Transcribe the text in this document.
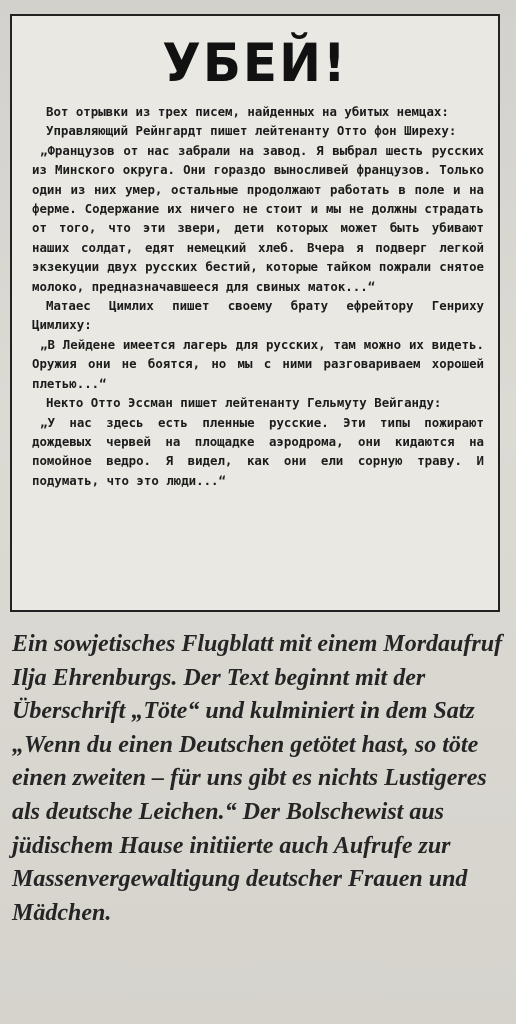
УБЕЙ!

Вот отрывки из трех писем, найденных на убитых немцах:

Управляющий Рейнгардт пишет лейтенанту Отто фон Ширеху:

„Французов от нас забрали на завод. Я выбрал шесть русских из Минского округа. Они гораздо выносливей французов. Только один из них умер, остальные продолжают работать в поле и на ферме. Содержание их ничего не стоит и мы не должны страдать от того, что эти звери, дети которых может быть убивают наших солдат, едят немецкий хлеб. Вчера я подверг легкой экзекуции двух русских бестий, которые тайком пожрали снятое молоко, предназначавшееся для свиных маток...“

Матаес Цимлих пишет своему брату ефрейтору Генриху Цимлиху:

„В Лейдене имеется лагерь для русских, там можно их видеть. Оружия они не боятся, но мы с ними разговариваем хорошей плетью...“

Некто Отто Эссман пишет лейтенанту Гельмуту Вейганду:

„У нас здесь есть пленные русские. Эти типы пожирают дождевых червей на площадке аэродрома, они кидаются на помойное ведро. Я видел, как они ели сорную траву. И подумать, что это люди...“

Ein sowjetisches Flugblatt mit einem Mordaufruf Ilja Ehrenburgs. Der Text beginnt mit der Überschrift „Töte“ und kulminiert in dem Satz „Wenn du einen Deutschen getötet hast, so töte einen zweiten – für uns gibt es nichts Lustigeres als deutsche Leichen.“ Der Bolschewist aus jüdischem Hause initiierte auch Aufrufe zur Massenvergewaltigung deutscher Frauen und Mädchen.
